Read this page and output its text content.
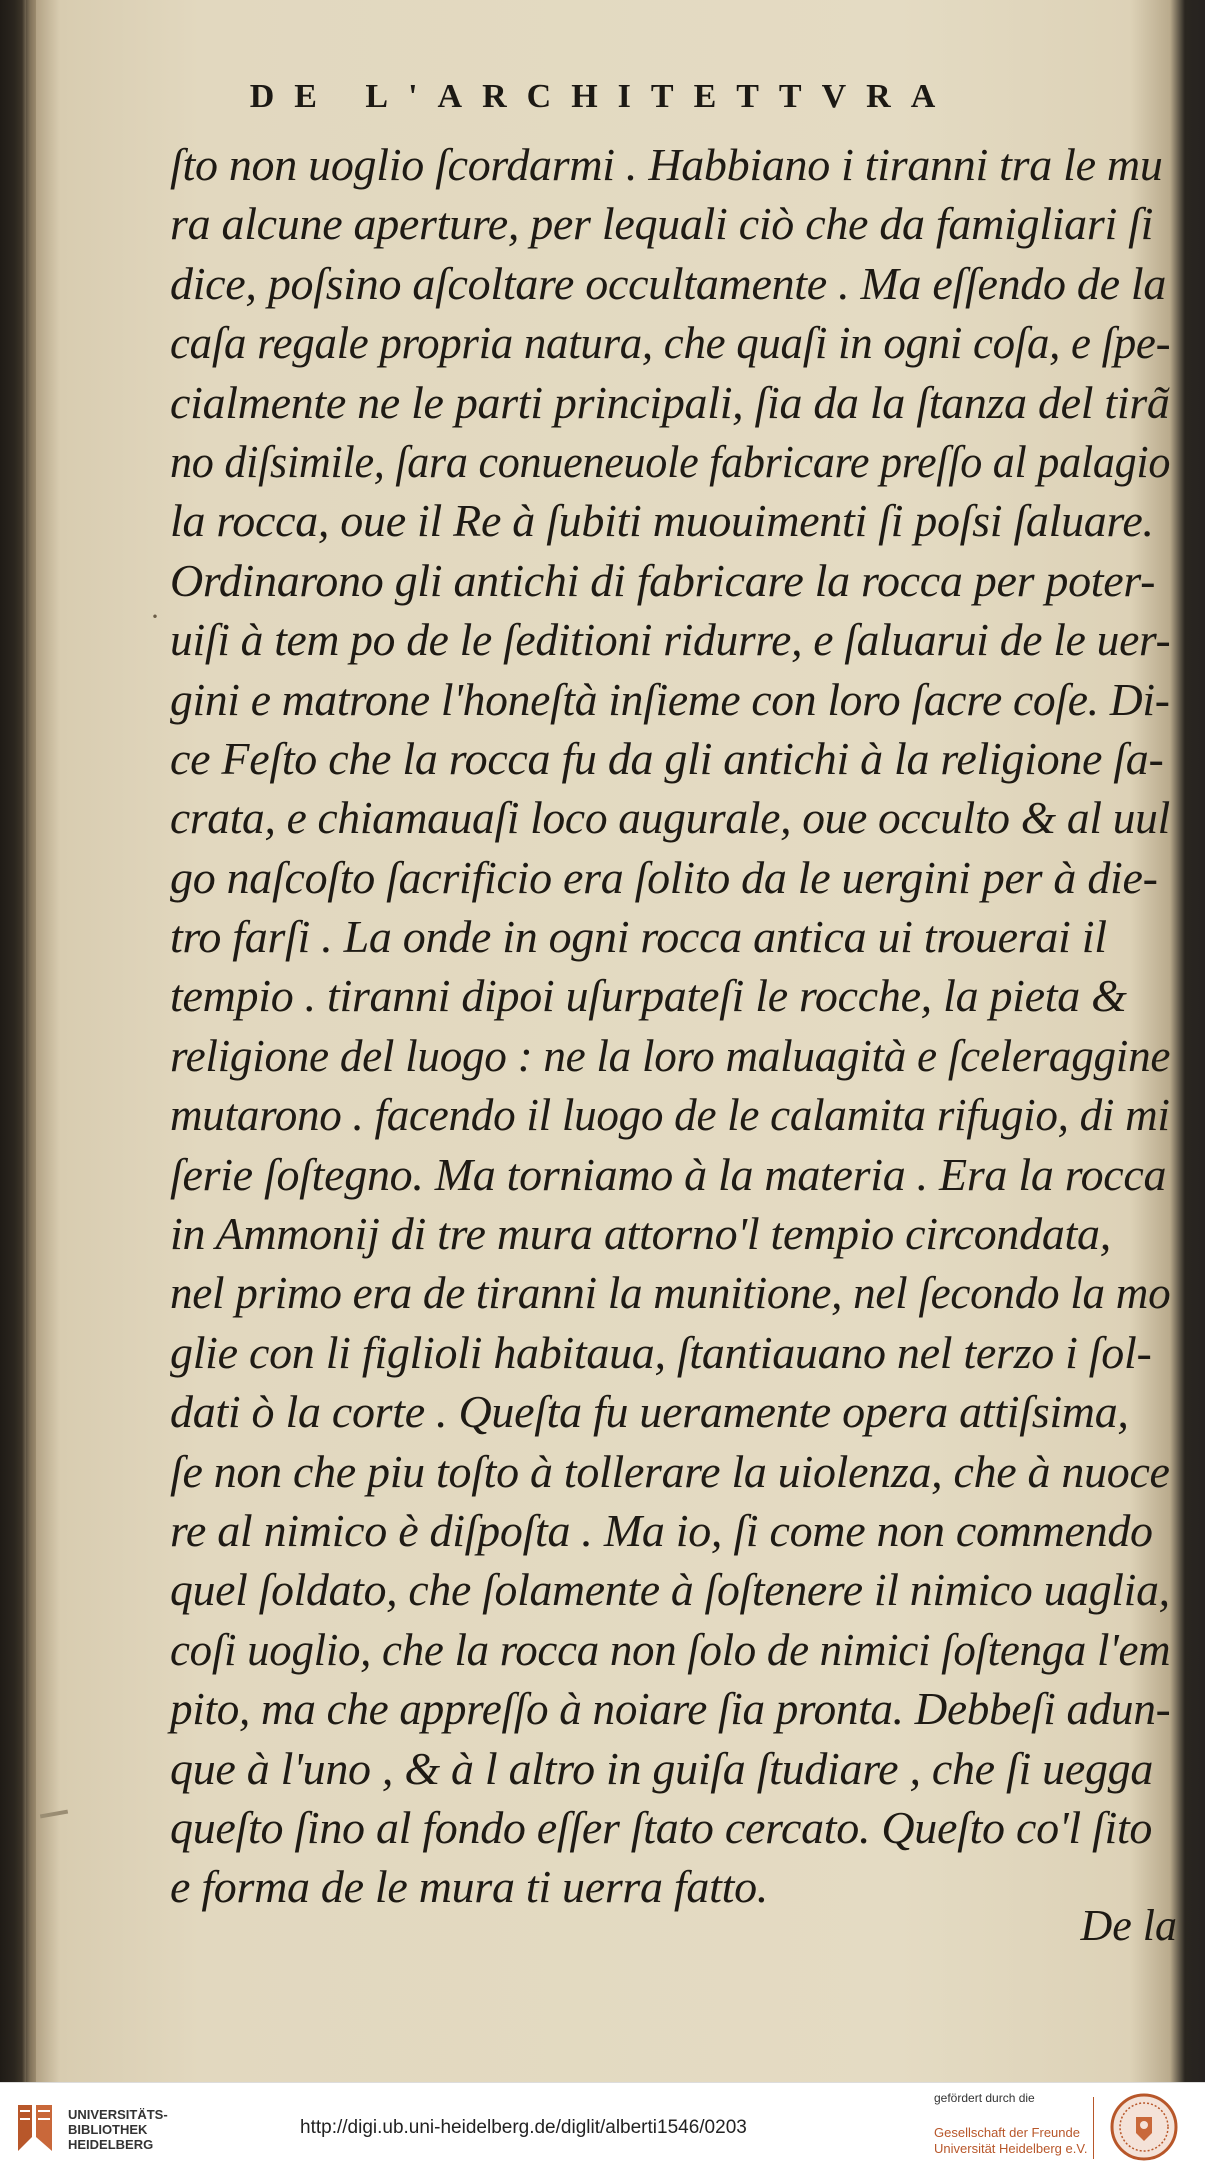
·
DE L'ARCHITETTVRA
ſto non uoglio ſcordarmi . Habbiano i tiranni tra le mu
ra alcune aperture, per lequali ciò che da famigliari ſi
dice, poſsino aſcoltare occultamente . Ma eſſendo de la
caſa regale propria natura, che quaſi in ogni coſa, e ſpe-
cialmente ne le parti principali, ſia da la ſtanza del tirã
no diſsimile, ſara conueneuole fabricare preſſo al palagio
la rocca, oue il Re à ſubiti muouimenti ſi poſsi ſaluare.
Ordinarono gli antichi di fabricare la rocca per poter-
uiſi à tem po de le ſeditioni ridurre, e ſaluarui de le uer-
gini e matrone l'honeſtà inſieme con loro ſacre coſe. Di-
ce Feſto che la rocca fu da gli antichi à la religione ſa-
crata, e chiamauaſi loco augurale, oue occulto & al uul
go naſcoſto ſacrificio era ſolito da le uergini per à die-
tro farſi . La onde in ogni rocca antica ui trouerai il
tempio . tiranni dipoi uſurpateſi le rocche, la pieta &
religione del luogo : ne la loro maluagità e ſceleraggine
mutarono . facendo il luogo de le calamita rifugio, di mi
ſerie ſoſtegno. Ma torniamo à la materia . Era la rocca
in Ammonij di tre mura attorno'l tempio circondata,
nel primo era de tiranni la munitione, nel ſecondo la mo
glie con li figlioli habitaua, ſtantiauano nel terzo i ſol-
dati ò la corte . Queſta fu ueramente opera attiſsima,
ſe non che piu toſto à tollerare la uiolenza, che à nuoce
re al nimico è diſpoſta . Ma io, ſi come non commendo
quel ſoldato, che ſolamente à ſoſtenere il nimico uaglia,
coſi uoglio, che la rocca non ſolo de nimici ſoſtenga l'em
pito, ma che appreſſo à noiare ſia pronta. Debbeſi adun-
que à l'uno , & à l altro in guiſa ſtudiare , che ſi uegga
queſto ſino al fondo eſſer ſtato cercato. Queſto co'l ſito
e forma de le mura ti uerra fatto.
De la
UNIVERSITÄTS-
BIBLIOTHEK
HEIDELBERG
http://digi.ub.uni-heidelberg.de/diglit/alberti1546/0203
gefördert durch die
Gesellschaft der Freunde
Universität Heidelberg e.V.
